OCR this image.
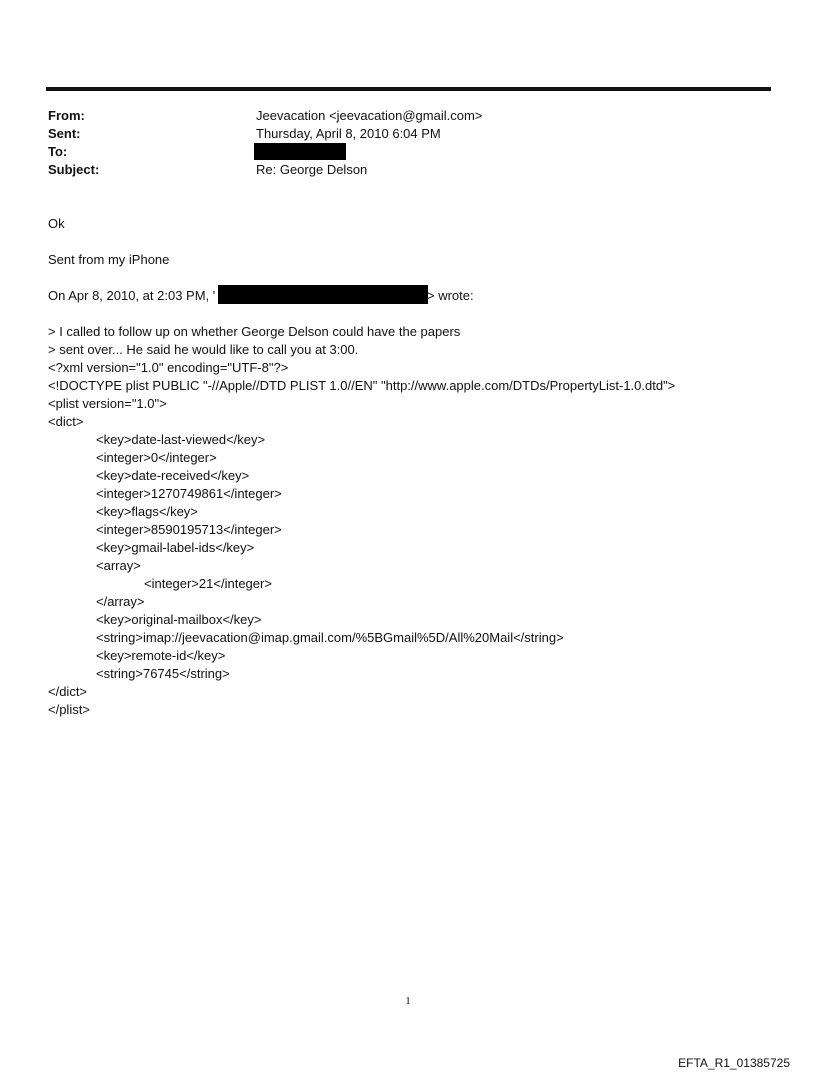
From:	Jeevacation <jeevacation@gmail.com>
Sent:	Thursday, April 8, 2010 6:04 PM
To:
Subject:	Re: George Delson
Ok
Sent from my iPhone
On Apr 8, 2010, at 2:03 PM, '	> wrote:
> I called to follow up on whether George Delson could have the papers
> sent over... He said he would like to call you at 3:00.
<?xml version="1.0" encoding="UTF-8"?>
<!DOCTYPE plist PUBLIC "-//Apple//DTD PLIST 1.0//EN" "http://www.apple.com/DTDs/PropertyList-1.0.dtd">
<plist version="1.0">
<dict>
<key>date-last-viewed</key>
<integer>0</integer>
<key>date-received</key>
<integer>1270749861</integer>
<key>flags</key>
<integer>8590195713</integer>
<key>gmail-label-ids</key>
<array>
<integer>21</integer>
</array>
<key>original-mailbox</key>
<string>imap://jeevacation@imap.gmail.com/%5BGmail%5D/All%20Mail</string>
<key>remote-id</key>
<string>76745</string>
</dict>
</plist>
1
EFTA_R1_01385725
